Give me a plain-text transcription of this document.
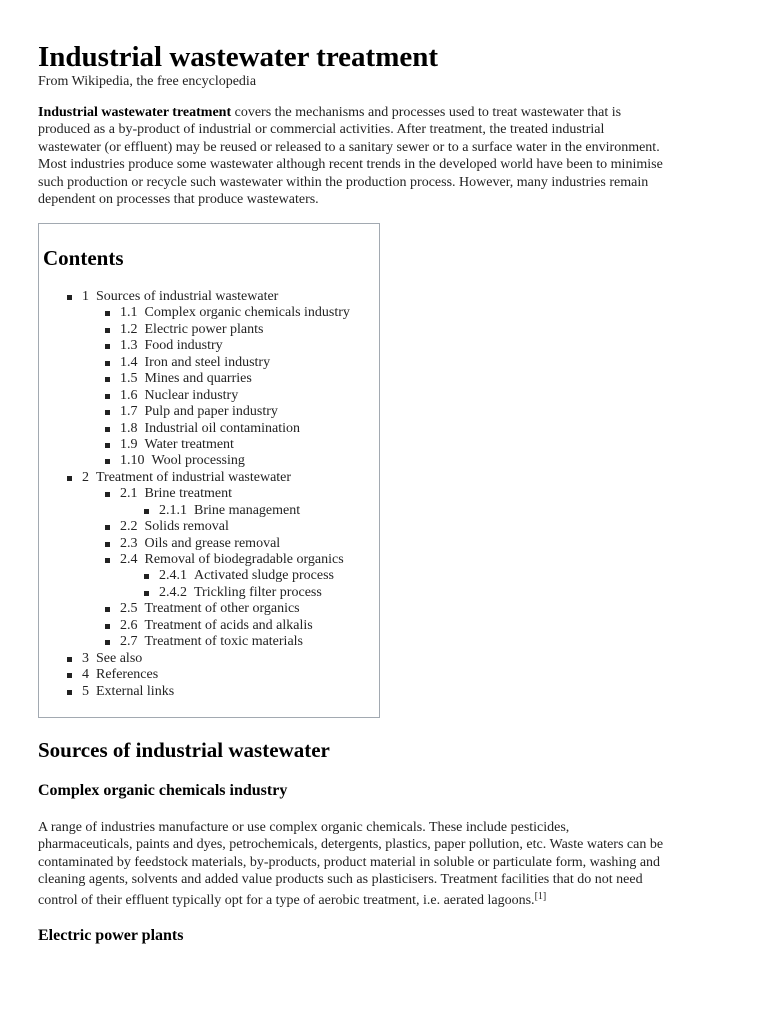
Industrial wastewater treatment
From Wikipedia, the free encyclopedia
Industrial wastewater treatment covers the mechanisms and processes used to treat wastewater that is
produced as a by-product of industrial or commercial activities. After treatment, the treated industrial
wastewater (or effluent) may be reused or released to a sanitary sewer or to a surface water in the environment.
Most industries produce some wastewater although recent trends in the developed world have been to minimise
such production or recycle such wastewater within the production process. However, many industries remain
dependent on processes that produce wastewaters.
Contents
1 Sources of industrial wastewater
1.1 Complex organic chemicals industry
1.2 Electric power plants
1.3 Food industry
1.4 Iron and steel industry
1.5 Mines and quarries
1.6 Nuclear industry
1.7 Pulp and paper industry
1.8 Industrial oil contamination
1.9 Water treatment
1.10 Wool processing
2 Treatment of industrial wastewater
2.1 Brine treatment
2.1.1 Brine management
2.2 Solids removal
2.3 Oils and grease removal
2.4 Removal of biodegradable organics
2.4.1 Activated sludge process
2.4.2 Trickling filter process
2.5 Treatment of other organics
2.6 Treatment of acids and alkalis
2.7 Treatment of toxic materials
3 See also
4 References
5 External links
Sources of industrial wastewater
Complex organic chemicals industry
A range of industries manufacture or use complex organic chemicals. These include pesticides,
pharmaceuticals, paints and dyes, petrochemicals, detergents, plastics, paper pollution, etc. Waste waters can be
contaminated by feedstock materials, by-products, product material in soluble or particulate form, washing and
cleaning agents, solvents and added value products such as plasticisers. Treatment facilities that do not need
control of their effluent typically opt for a type of aerobic treatment, i.e. aerated lagoons.[1]
Electric power plants
